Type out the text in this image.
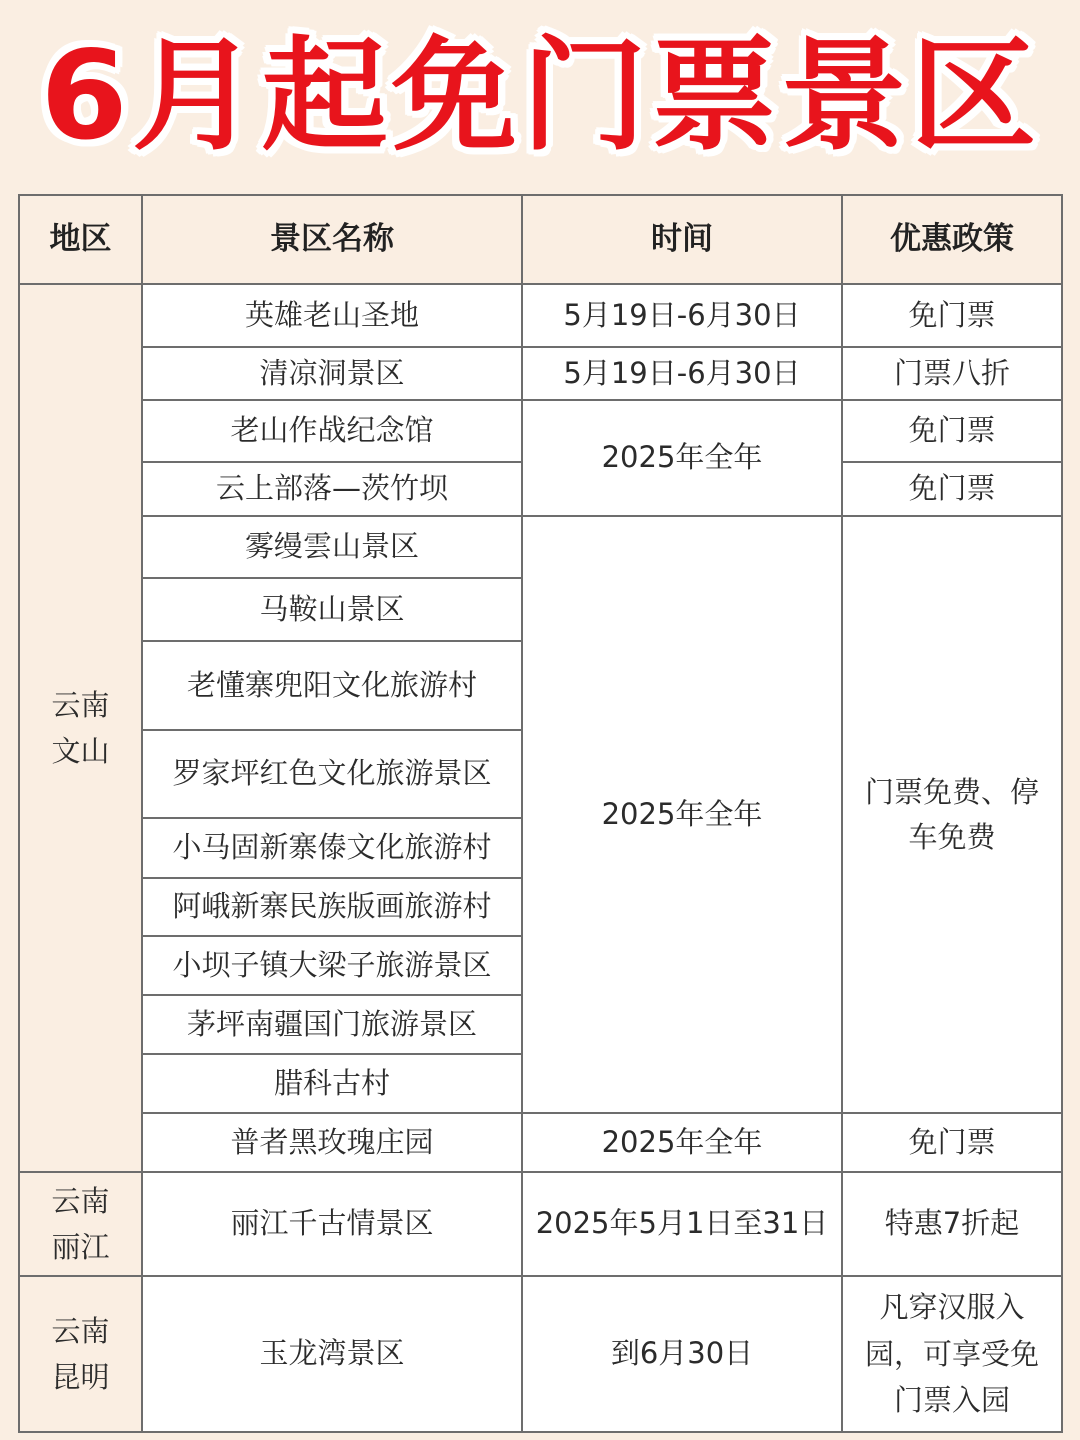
6月起免门票景区
地区	景区名称	时间	优惠政策
云南文山	英雄老山圣地	5月19日-6月30日	免门票
	清凉洞景区	5月19日-6月30日	门票八折
	老山作战纪念馆	2025年全年	免门票
	云上部落—茨竹坝		免门票
	雾缦雲山景区	2025年全年	门票免费、停车免费
	马鞍山景区		
	老懂寨兜阳文化旅游村		
	罗家坪红色文化旅游景区		
	小马固新寨傣文化旅游村		
	阿峨新寨民族版画旅游村		
	小坝子镇大梁子旅游景区		
	茅坪南疆国门旅游景区		
	腊科古村		
	普者黑玫瑰庄园	2025年全年	免门票
云南丽江	丽江千古情景区	2025年5月1日至31日	特惠7折起
云南昆明	玉龙湾景区	到6月30日	凡穿汉服入园，可享受免门票入园
